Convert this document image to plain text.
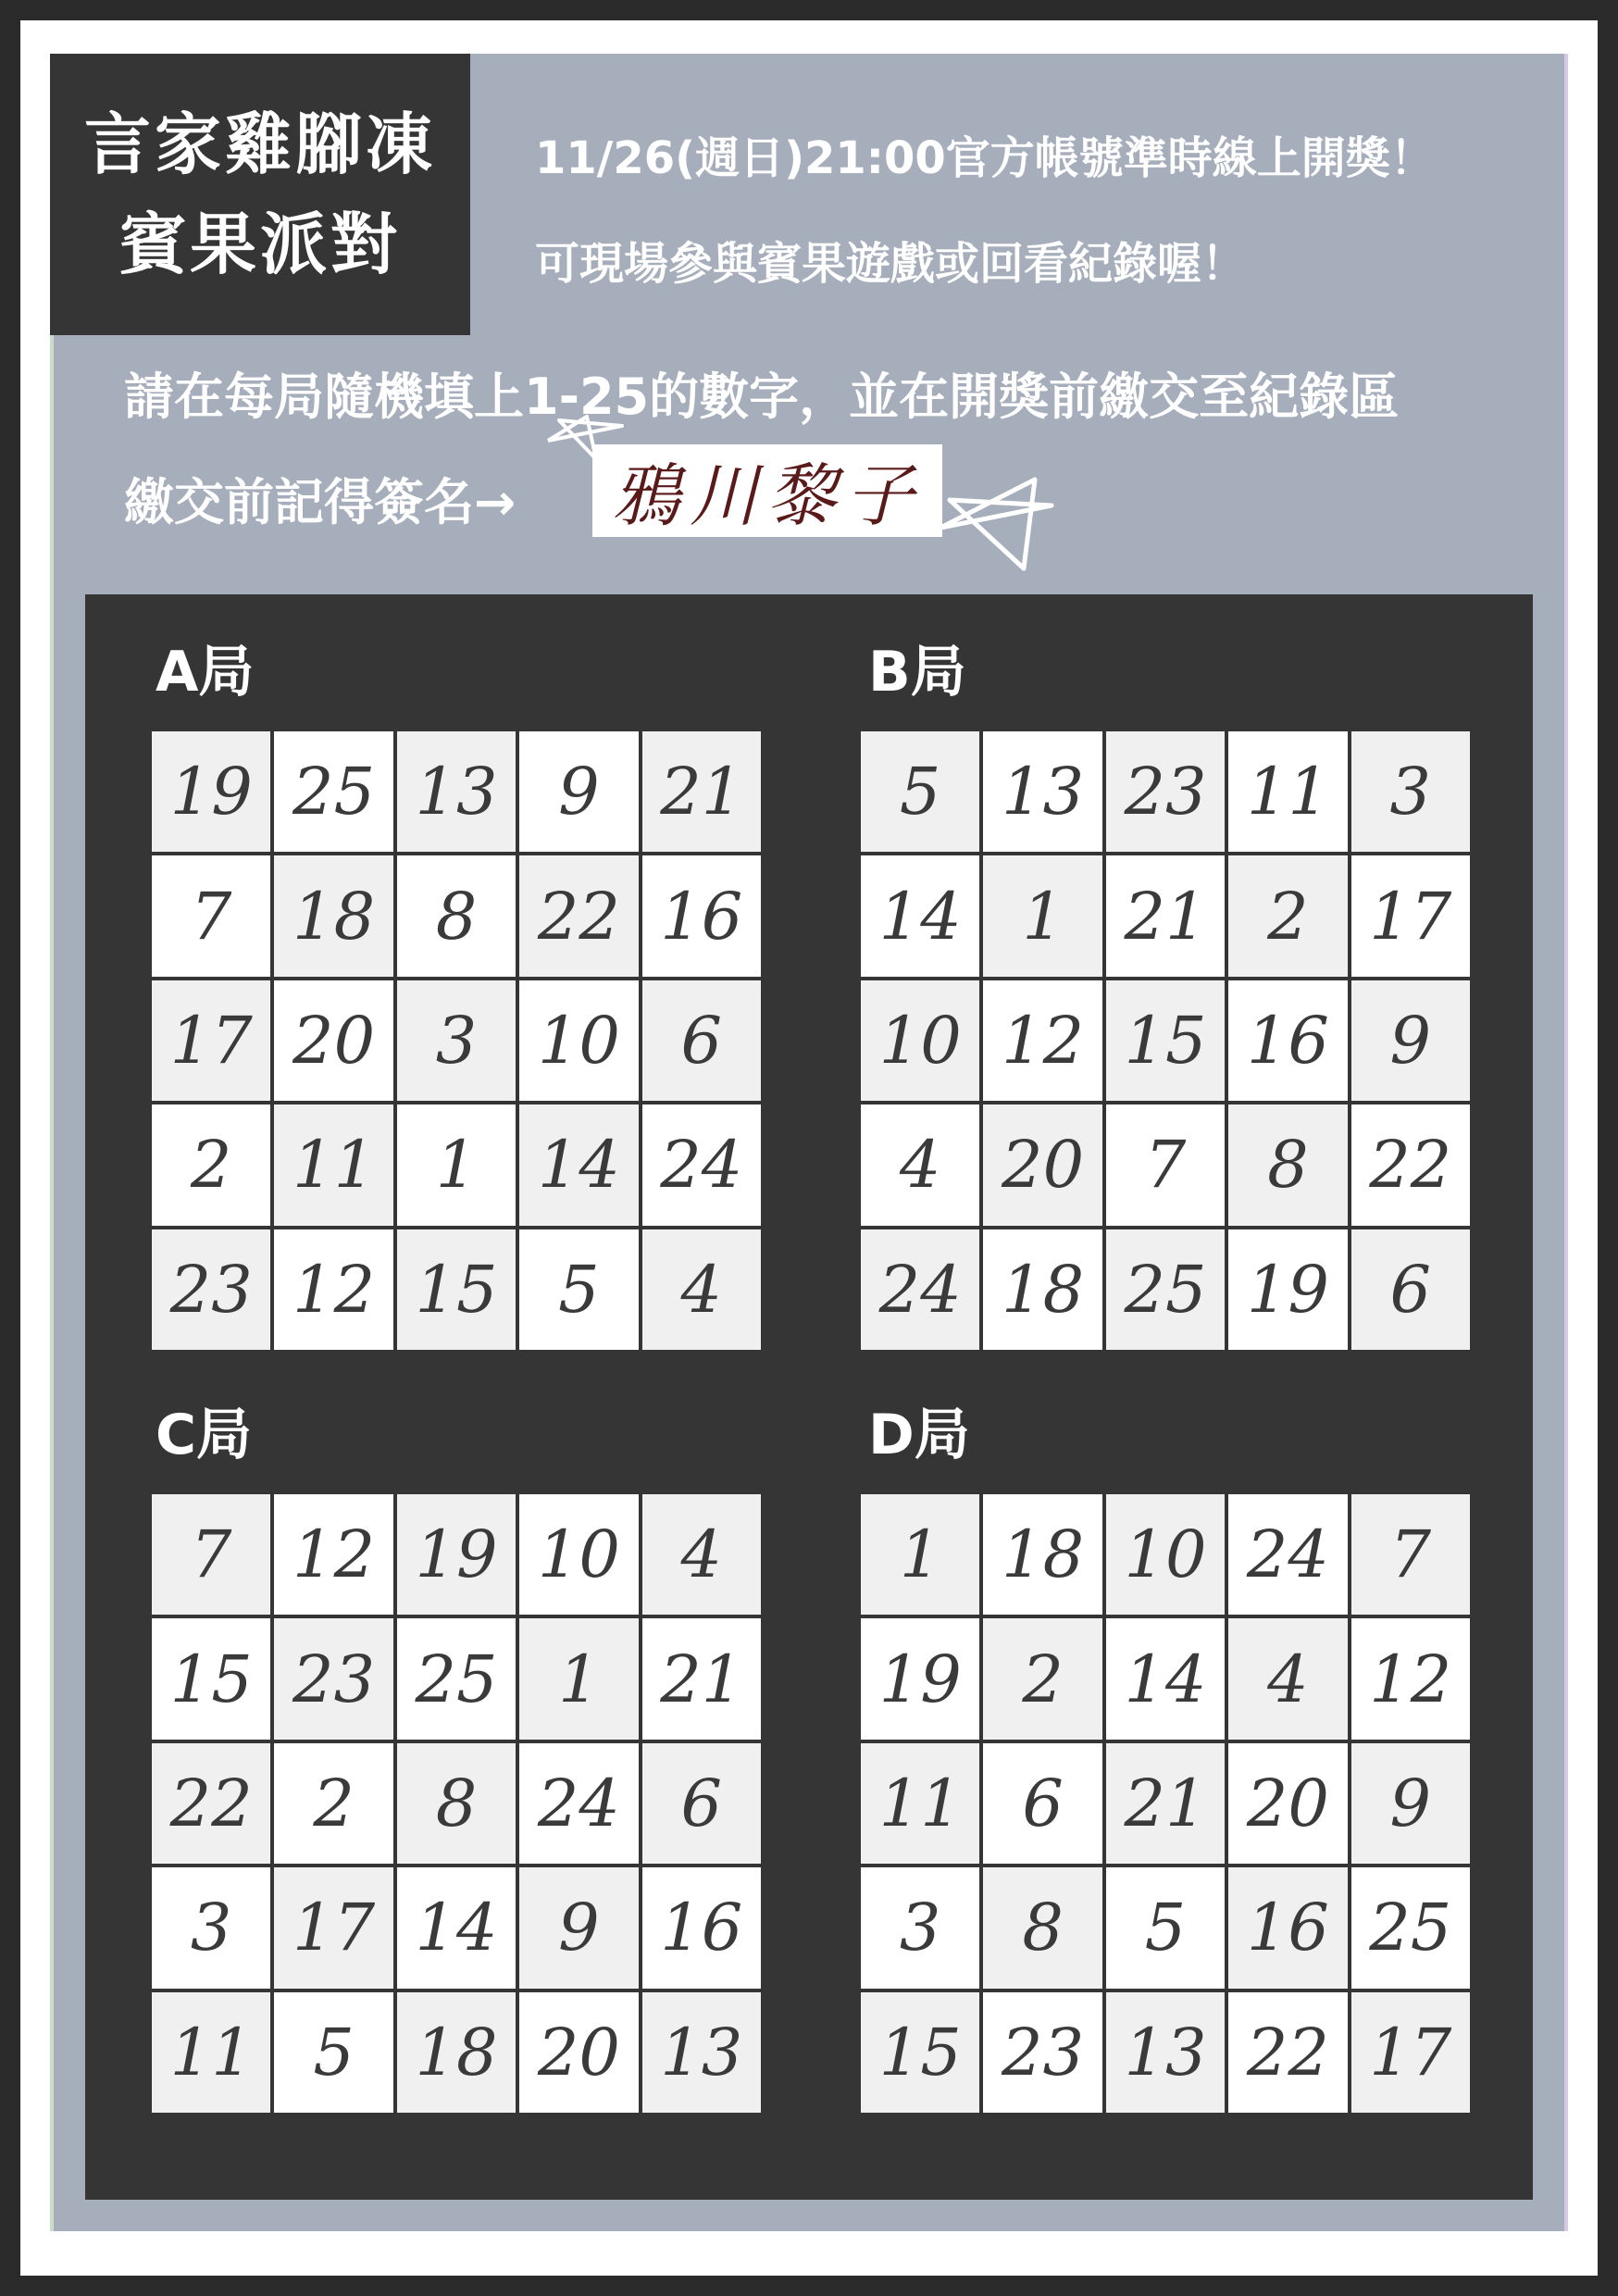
言家雞腳凍
賓果派對
11/26(週日)21:00官方帳號準時線上開獎！
可現場參與賓果遊戲或回看紀錄喔！
請在每局隨機填上1-25的數字，並在開獎前繳交至紀錄區
繳交前記得簽名→ 鴉川黎子
A局	B局
C局	D局
19 25 13 9 21
7 18 8 22 16
17 20 3 10 6
2 11 1 14 24
23 12 15 5	4
5 13 23 11 3
14 1 21 2 17
10 12 15 16 9
4 20 7	8 22
24 18 25 19 6
7 12 19 10 4
15 23 25 1 21
22 2	8 24 6
3 17 14 9 16
11 5 18 20 13
1 18 10 24 7
19 2 14 4 12
11 6 21 20 9
3	8	5 16 25
15 23 13 22 17
